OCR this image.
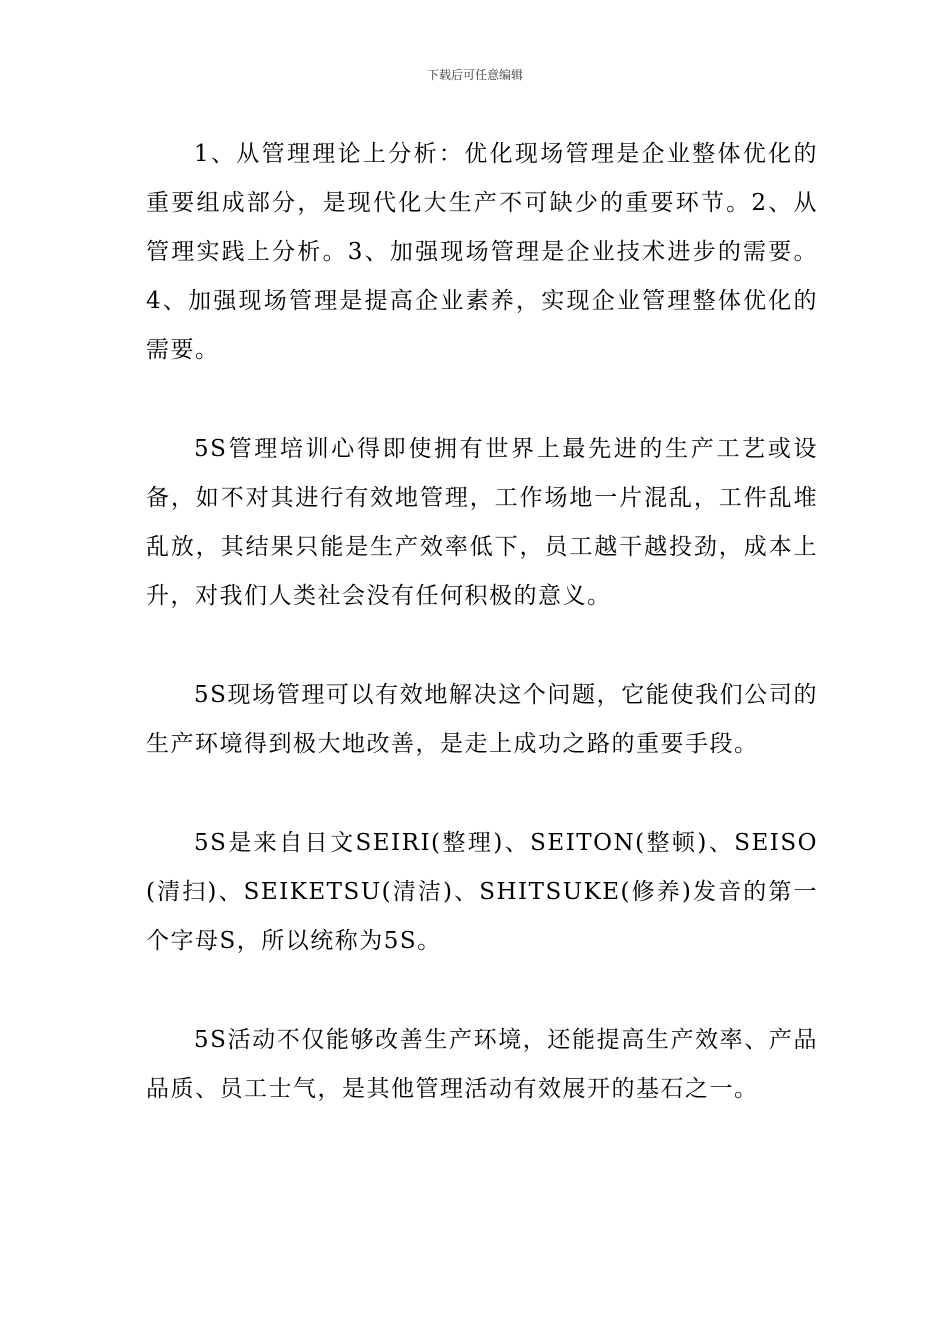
下载后可任意编辑

1、从管理理论上分析：优化现场管理是企业整体优化的重要组成部分，是现代化大生产不可缺少的重要环节。2、从管理实践上分析。3、加强现场管理是企业技术进步的需要。4、加强现场管理是提高企业素养，实现企业管理整体优化的需要。

5S管理培训心得即使拥有世界上最先进的生产工艺或设备，如不对其进行有效地管理，工作场地一片混乱，工件乱堆乱放，其结果只能是生产效率低下，员工越干越投劲，成本上升，对我们人类社会没有任何积极的意义。

5S现场管理可以有效地解决这个问题，它能使我们公司的生产环境得到极大地改善，是走上成功之路的重要手段。

5S是来自日文SEIRI(整理)、SEITON(整顿)、SEISO(清扫)、SEIKETSU(清洁)、SHITSUKE(修养)发音的第一个字母S，所以统称为5S。

5S活动不仅能够改善生产环境，还能提高生产效率、产品品质、员工士气，是其他管理活动有效展开的基石之一。
